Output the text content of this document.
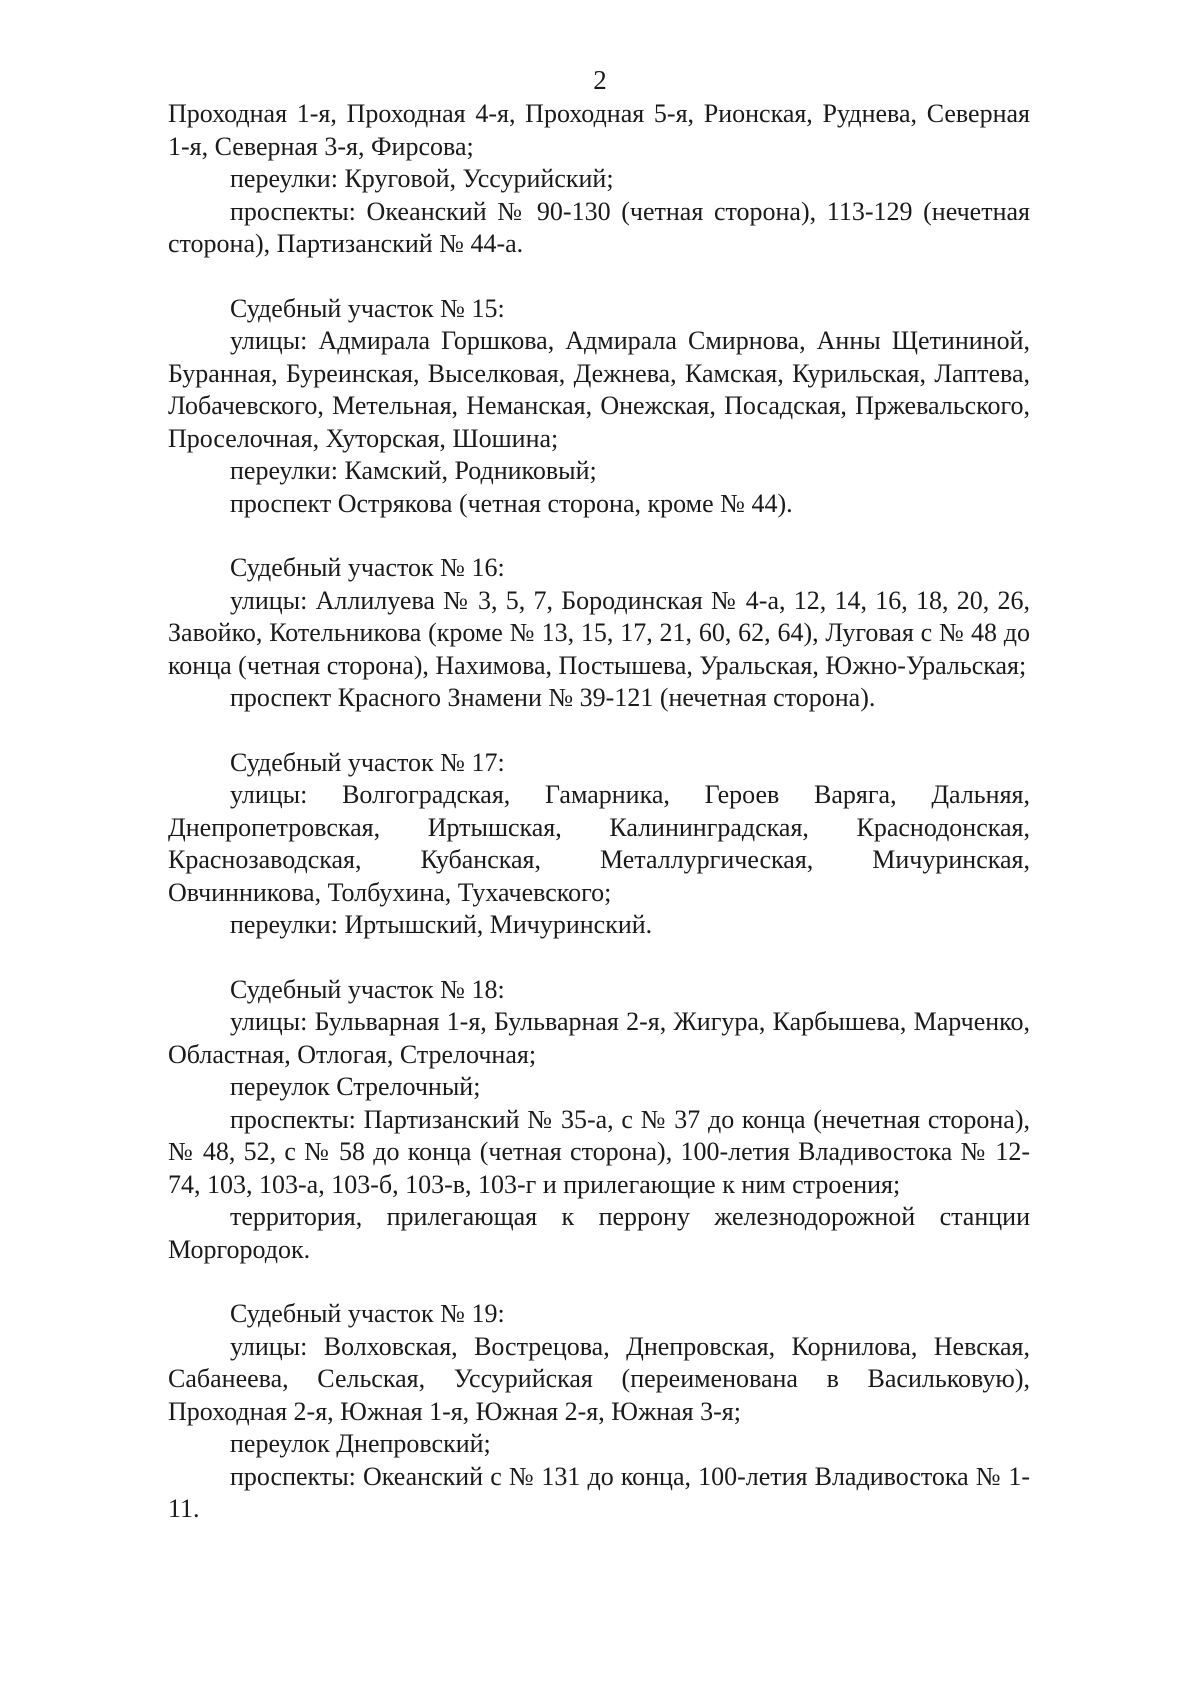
2

Проходная 1-я, Проходная 4-я, Проходная 5-я, Рионская, Руднева, Северная 1-я, Северная 3-я, Фирсова;

переулки: Круговой, Уссурийский;

проспекты: Океанский № 90-130 (четная сторона), 113-129 (нечетная сторона), Партизанский № 44-а.

Судебный участок № 15:

улицы: Адмирала Горшкова, Адмирала Смирнова, Анны Щетининой, Буранная, Буреинская, Выселковая, Дежнева, Камская, Курильская, Лаптева, Лобачевского, Метельная, Неманская, Онежская, Посадская, Пржевальского, Проселочная, Хуторская, Шошина;

переулки: Камский, Родниковый;

проспект Острякова (четная сторона, кроме № 44).

Судебный участок № 16:

улицы: Аллилуева № 3, 5, 7, Бородинская № 4-а, 12, 14, 16, 18, 20, 26, Завойко, Котельникова (кроме № 13, 15, 17, 21, 60, 62, 64), Луговая с № 48 до конца (четная сторона), Нахимова, Постышева, Уральская, Южно-Уральская;

проспект Красного Знамени № 39-121 (нечетная сторона).

Судебный участок № 17:

улицы: Волгоградская, Гамарника, Героев Варяга, Дальняя, Днепропетровская, Иртышская, Калининградская, Краснодонская, Краснозаводская, Кубанская, Металлургическая, Мичуринская, Овчинникова, Толбухина, Тухачевского;

переулки: Иртышский, Мичуринский.

Судебный участок № 18:

улицы: Бульварная 1-я, Бульварная 2-я, Жигура, Карбышева, Марченко, Областная, Отлогая, Стрелочная;

переулок Стрелочный;

проспекты: Партизанский № 35-а, с № 37 до конца (нечетная сторона), № 48, 52, с № 58 до конца (четная сторона), 100-летия Владивостока № 12-74, 103, 103-а, 103-б, 103-в, 103-г и прилегающие к ним строения;

территория, прилегающая к перрону железнодорожной станции Моргородок.

Судебный участок № 19:

улицы: Волховская, Вострецова, Днепровская, Корнилова, Невская, Сабанеева, Сельская, Уссурийская (переименована в Васильковую), Проходная 2-я, Южная 1-я, Южная 2-я, Южная 3-я;

переулок Днепровский;

проспекты: Океанский с № 131 до конца, 100-летия Владивостока № 1-11.
